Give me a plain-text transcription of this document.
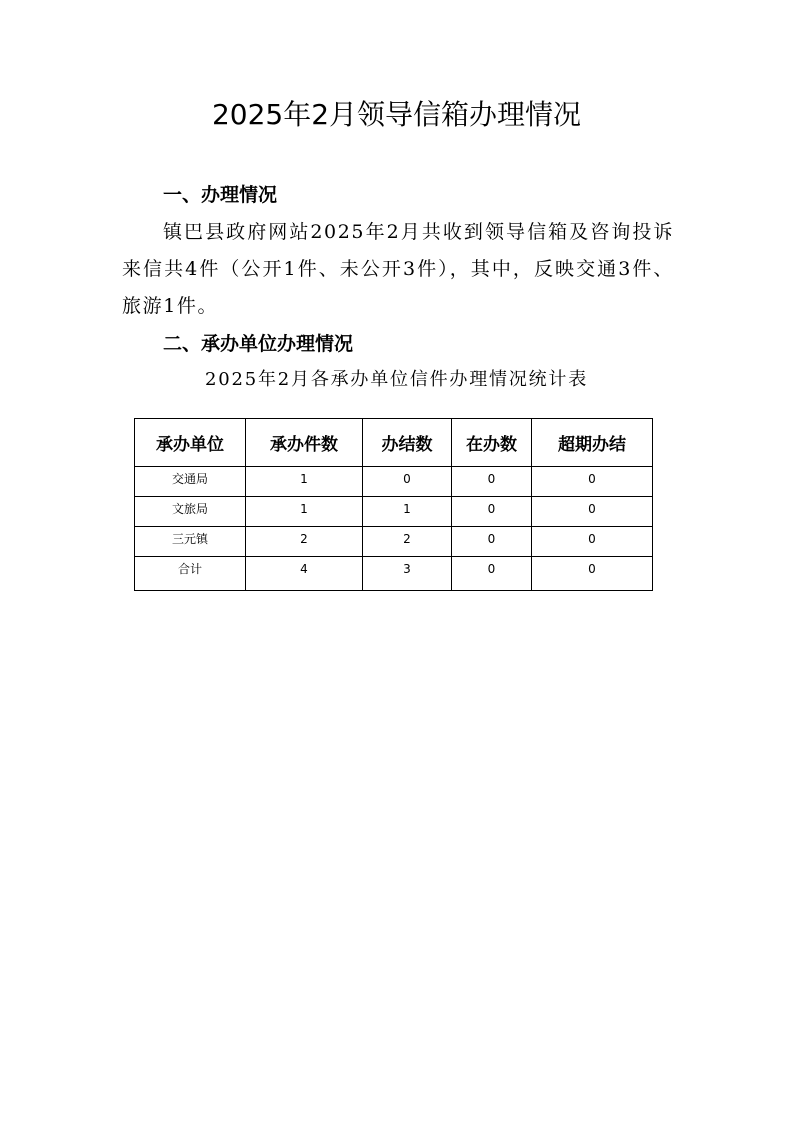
2025年2月领导信箱办理情况
一、办理情况

镇巴县政府网站2025年2月共收到领导信箱及咨询投诉来信共4件（公开1件、未公开3件），其中，反映交通3件、旅游1件。

二、承办单位办理情况

2025年2月各承办单位信件办理情况统计表

承办单位	承办件数	办结数	在办数	超期办结
交通局	1	0	0	0
文旅局	1	1	0	0
三元镇	2	2	0	0
合计	4	3	0	0
